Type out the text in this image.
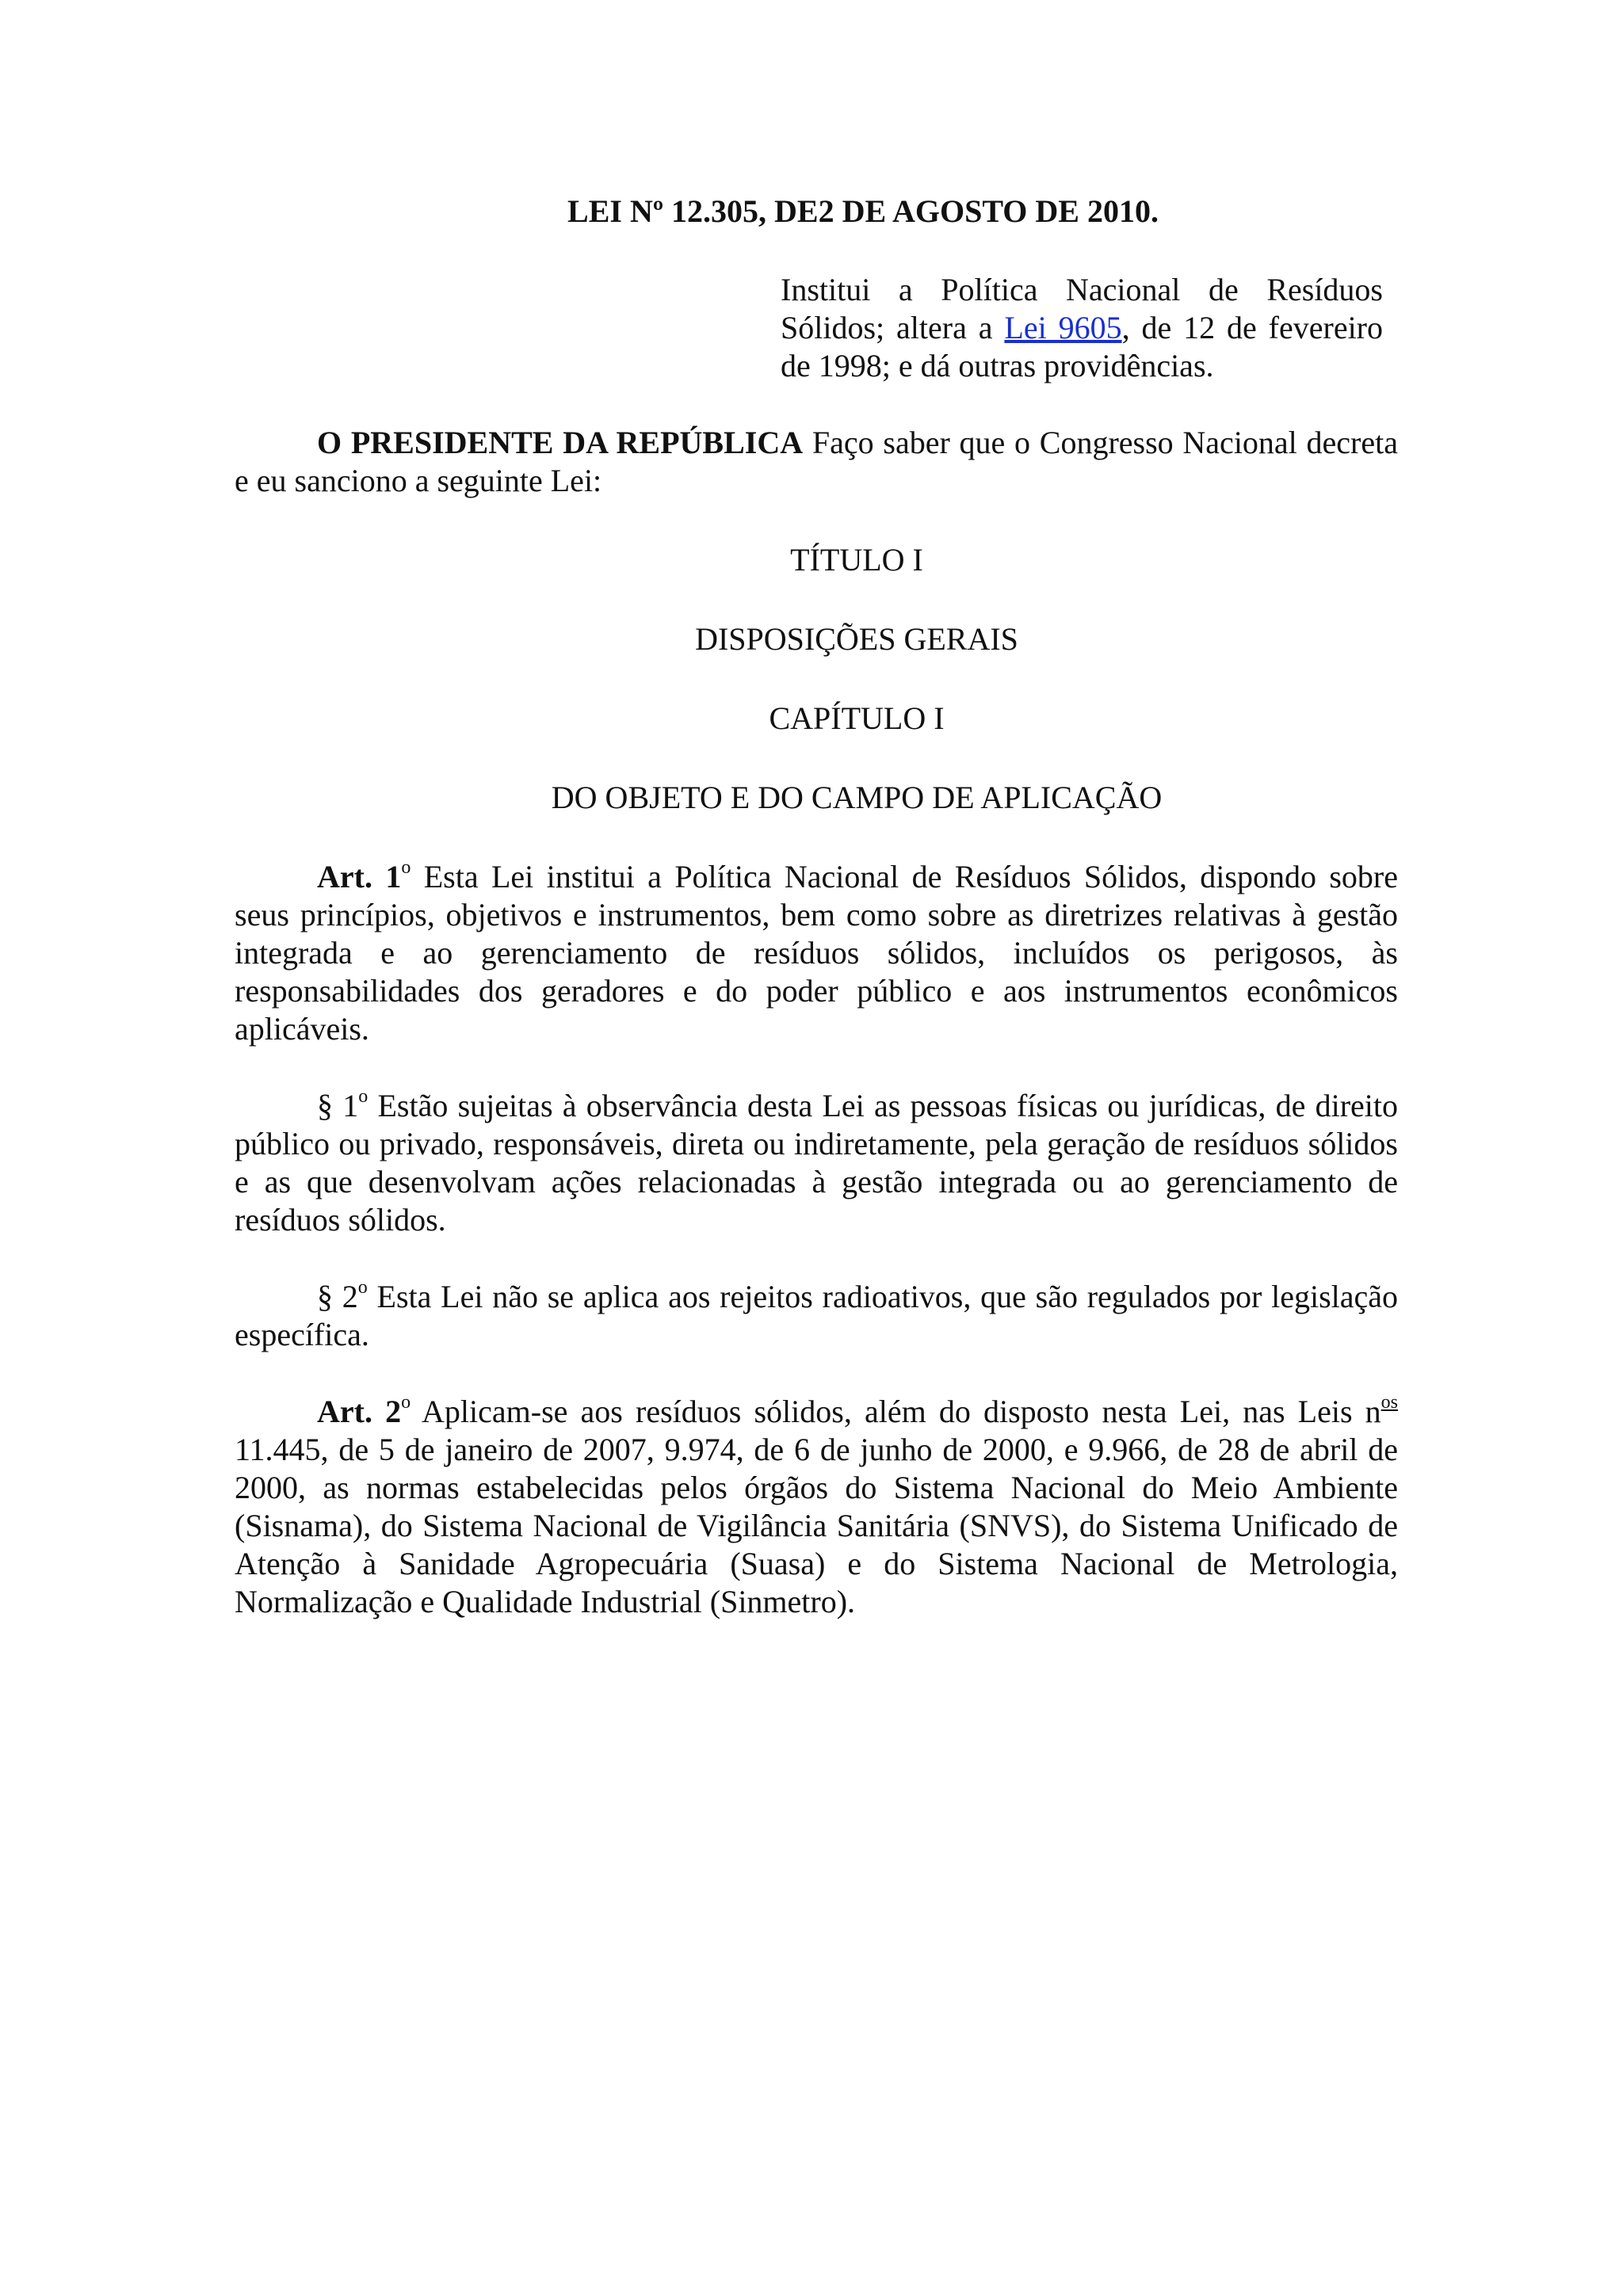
LEI Nº 12.305, DE2 DE AGOSTO DE 2010.
Institui a Política Nacional de Resíduos Sólidos; altera a Lei 9605, de 12 de fevereiro de 1998; e dá outras providências.
O PRESIDENTE DA REPÚBLICA Faço saber que o Congresso Nacional decreta e eu sanciono a seguinte Lei:
TÍTULO I
DISPOSIÇÕES GERAIS
CAPÍTULO I
DO OBJETO E DO CAMPO DE APLICAÇÃO
Art. 1$^o$ Esta Lei institui a Política Nacional de Resíduos Sólidos, dispondo sobre seus princípios, objetivos e instrumentos, bem como sobre as diretrizes relativas à gestão integrada e ao gerenciamento de resíduos sólidos, incluídos os perigosos, às responsabilidades dos geradores e do poder público e aos instrumentos econômicos aplicáveis.
§ 1$^o$ Estão sujeitas à observância desta Lei as pessoas físicas ou jurídicas, de direito público ou privado, responsáveis, direta ou indiretamente, pela geração de resíduos sólidos e as que desenvolvam ações relacionadas à gestão integrada ou ao gerenciamento de resíduos sólidos.
§ 2$^o$ Esta Lei não se aplica aos rejeitos radioativos, que são regulados por legislação específica.
Art. 2$^o$ Aplicam-se aos resíduos sólidos, além do disposto nesta Lei, nas Leis $n^{os}$ 11.445, de 5 de janeiro de 2007, 9.974, de 6 de junho de 2000, e 9.966, de 28 de abril de 2000, as normas estabelecidas pelos órgãos do Sistema Nacional do Meio Ambiente (Sisnama), do Sistema Nacional de Vigilância Sanitária (SNVS), do Sistema Unificado de Atenção à Sanidade Agropecuária (Suasa) e do Sistema Nacional de Metrologia, Normalização e Qualidade Industrial (Sinmetro).
